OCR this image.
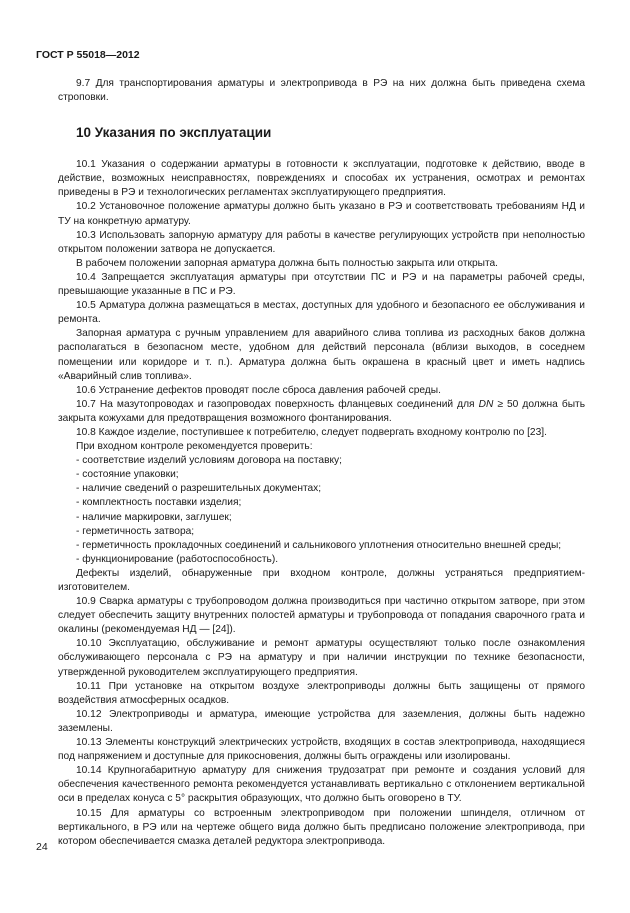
ГОСТ Р 55018—2012

9.7 Для транспортирования арматуры и электропривода в РЭ на них должна быть приведена схема строповки.

10 Указания по эксплуатации

10.1 Указания о содержании арматуры в готовности к эксплуатации, подготовке к действию, вводе в действие, возможных неисправностях, повреждениях и способах их устранения, осмотрах и ремонтах приведены в РЭ и технологических регламентах эксплуатирующего предприятия.

10.2 Установочное положение арматуры должно быть указано в РЭ и соответствовать требованиям НД и ТУ на конкретную арматуру.

10.3 Использовать запорную арматуру для работы в качестве регулирующих устройств при неполностью открытом положении затвора не допускается.

В рабочем положении запорная арматура должна быть полностью закрыта или открыта.

10.4 Запрещается эксплуатация арматуры при отсутствии ПС и РЭ и на параметры рабочей среды, превышающие указанные в ПС и РЭ.

10.5 Арматура должна размещаться в местах, доступных для удобного и безопасного ее обслуживания и ремонта.

Запорная арматура с ручным управлением для аварийного слива топлива из расходных баков должна располагаться в безопасном месте, удобном для действий персонала (вблизи выходов, в соседнем помещении или коридоре и т. п.). Арматура должна быть окрашена в красный цвет и иметь надпись «Аварийный слив топлива».

10.6 Устранение дефектов проводят после сброса давления рабочей среды.

10.7 На мазутопроводах и газопроводах поверхность фланцевых соединений для DN ≥ 50 должна быть закрыта кожухами для предотвращения возможного фонтанирования.

10.8 Каждое изделие, поступившее к потребителю, следует подвергать входному контролю по [23].

При входном контроле рекомендуется проверить:

- соответствие изделий условиям договора на поставку;

- состояние упаковки;

- наличие сведений о разрешительных документах;

- комплектность поставки изделия;

- наличие маркировки, заглушек;

- герметичность затвора;

- герметичность прокладочных соединений и сальникового уплотнения относительно внешней среды;

- функционирование (работоспособность).

Дефекты изделий, обнаруженные при входном контроле, должны устраняться предприятием-изготовителем.

10.9 Сварка арматуры с трубопроводом должна производиться при частично открытом затворе, при этом следует обеспечить защиту внутренних полостей арматуры и трубопровода от попадания сварочного грата и окалины (рекомендуемая НД — [24]).

10.10 Эксплуатацию, обслуживание и ремонт арматуры осуществляют только после ознакомления обслуживающего персонала с РЭ на арматуру и при наличии инструкции по технике безопасности, утвержденной руководителем эксплуатирующего предприятия.

10.11 При установке на открытом воздухе электроприводы должны быть защищены от прямого воздействия атмосферных осадков.

10.12 Электроприводы и арматура, имеющие устройства для заземления, должны быть надежно заземлены.

10.13 Элементы конструкций электрических устройств, входящих в состав электропривода, находящиеся под напряжением и доступные для прикосновения, должны быть ограждены или изолированы.

10.14 Крупногабаритную арматуру для снижения трудозатрат при ремонте и создания условий для обеспечения качественного ремонта рекомендуется устанавливать вертикально с отклонением вертикальной оси в пределах конуса с 5° раскрытия образующих, что должно быть оговорено в ТУ.

10.15 Для арматуры со встроенным электроприводом при положении шпинделя, отличном от вертикального, в РЭ или на чертеже общего вида должно быть предписано положение электропривода, при котором обеспечивается смазка деталей редуктора электропривода.

24
